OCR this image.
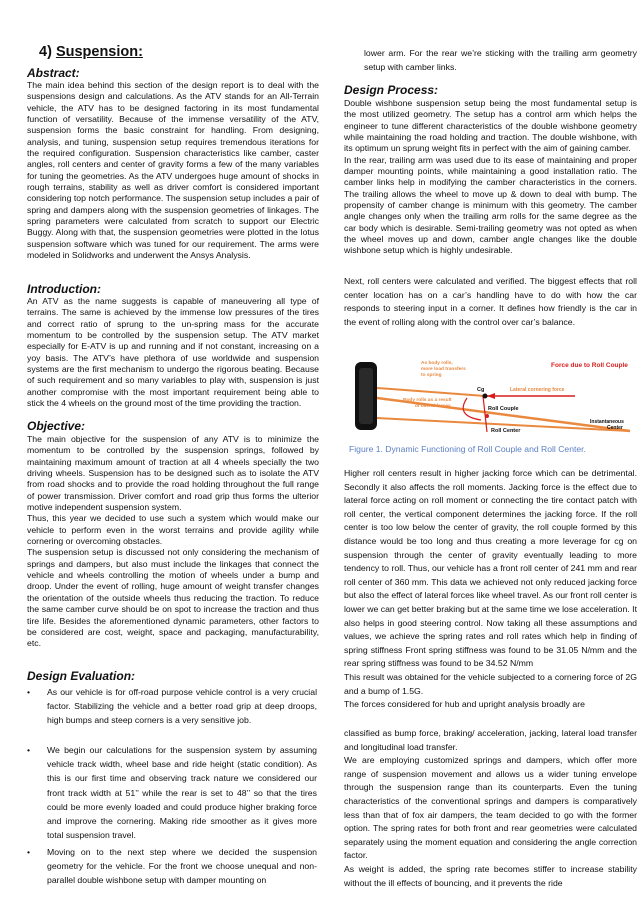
4) Suspension:
Abstract:

The main idea behind this section of the design report is to deal with the suspensions design and calculations. As the ATV stands for an All-Terrain vehicle, the ATV has to be designed factoring in its most fundamental function of versatility. Because of the immense versatility of the ATV, suspension forms the basic constraint for handling. From designing, analysis, and tuning, suspension setup requires tremendous iterations for the required configuration. Suspension characteristics like camber, caster angles, roll centers and center of gravity forms a few of the many variables for tuning the geometries. As the ATV undergoes huge amount of shocks in rough terrains, stability as well as driver comfort is considered important considering top notch performance. The suspension setup includes a pair of spring and dampers along with the suspension geometries of linkages. The spring parameters were calculated from scratch to support our Electric Buggy. Along with that, the suspension geometries were plotted in the lotus suspension software which was tuned for our requirement. The arms were modeled in Solidworks and underwent the Ansys Analysis.

Introduction:

An ATV as the name suggests is capable of maneuvering all type of terrains. The same is achieved by the immense low pressures of the tires and correct ratio of sprung to the un-spring mass for the accurate momentum to be controlled by the suspension setup. The ATV market especially for E-ATV is up and running and if not constant, increasing on a yoy basis. The ATV’s have plethora of use worldwide and suspension systems are the first mechanism to undergo the rigorous beating. Because of such requirement and so many variables to play with, suspension is just another compromise with the most important requirement being able to stick the 4 wheels on the ground most of the time providing the traction.

Objective:

The main objective for the suspension of any ATV is to minimize the momentum to be controlled by the suspension springs, followed by maintaining maximum amount of traction at all 4 wheels specially the two driving wheels. Suspension has to be designed such as to isolate the ATV from road shocks and to provide the road holding throughout the full range of power transmission. Driver comfort and road grip thus forms the ulterior motive independent suspension system.
Thus, this year we decided to use such a system which would make our vehicle to perform even in the worst terrains and provide agility while cornering or overcoming obstacles.
The suspension setup is discussed not only considering the mechanism of springs and dampers, but also must include the linkages that connect the vehicle and wheels controlling the motion of wheels under a bump and droop. Under the event of rolling, huge amount of weight transfer changes the orientation of the outside wheels thus reducing the traction. To reduce the same camber curve should be on spot to increase the traction and thus tire life. Besides the aforementioned dynamic parameters, other factors to be considered are cost, weight, space and packaging, manufacturability, etc.

Design Evaluation:
• As our vehicle is for off-road purpose vehicle control is a very crucial factor. Stabilizing the vehicle and a better road grip at deep droops, high bumps and steep corners is a very sensitive job.
• We begin our calculations for the suspension system by assuming vehicle track width, wheel base and ride height (static condition). As this is our first time and observing track nature we considered our front track width at 51’’ while the rear is set to 48’’ so that the tires could be more evenly loaded and could produce higher braking force and improve the cornering. Making ride smoother as it gives more total suspension travel.
• Moving on to the next step where we decided the suspension geometry for the vehicle. For the front we choose unequal and non-parallel double wishbone setup with damper mounting on

lower arm. For the rear we’re sticking with the trailing arm geometry setup with camber links.

Design Process:

Double wishbone suspension setup being the most fundamental setup is the most utilized geometry. The setup has a control arm which helps the engineer to tune different characteristics of the double wishbone geometry while maintaining the road holding and traction. The double wishbone, with its optimum un sprung weight fits in perfect with the aim of gaining camber.
In the rear, trailing arm was used due to its ease of maintaining and proper damper mounting points, while maintaining a good installation ratio. The camber links help in modifying the camber characteristics in the corners. The trailing allows the wheel to move up & down to deal with bump. The propensity of camber change is minimum with this geometry. The camber angle changes only when the trailing arm rolls for the same degree as the car body which is desirable. Semi-trailing geometry was not opted as when the wheel moves up and down, camber angle changes like the double wishbone setup which is highly undesirable.

Next, roll centers were calculated and verified. The biggest effects that roll center location has on a car’s handling have to do with how the car responds to steering input in a corner. It defines how friendly is the car in the event of rolling along with the control over car’s balance.

Higher roll centers result in higher jacking force which can be detrimental. Secondly it also affects the roll moments. Jacking force is the effect due to lateral force acting on roll moment or connecting the tire contact patch with roll center, the vertical component determines the jacking force. If the roll center is too low below the center of gravity, the roll couple formed by this distance would be too long and thus creating a more leverage for cg on suspension through the center of gravity eventually leading to more tendency to roll. Thus, our vehicle has a front roll center of 241 mm and rear roll center of 360 mm. This data we achieved not only reduced jacking force but also the effect of lateral forces like wheel travel. As our front roll center is lower we can get better braking but at the same time we lose acceleration. It also helps in good steering control. Now taking all these assumptions and values, we achieve the spring rates and roll rates which help in finding of spring stiffness Front spring stiffness was found to be 31.05 N/mm and the rear spring stiffness was found to be 34.52 N/mm
This result was obtained for the vehicle subjected to a cornering force of 2G and a bump of 1.5G.
The forces considered for hub and upright analysis broadly are

classified as bump force, braking/ acceleration, jacking, lateral load transfer and longitudinal load transfer.
We are employing customized springs and dampers, which offer more range of suspension movement and allows us a wider tuning envelope through the suspension range than its counterparts. Even the tuning characteristics of the conventional springs and dampers is comparatively less than that of fox air dampers, the team decided to go with the former option. The spring rates for both front and rear geometries were calculated separately using the moment equation and considering the angle correction factor.
As weight is added, the spring rate becomes stiffer to increase stability without the ill effects of bouncing, and it prevents the ride

Force due to Roll Couple
As body rolls, more load transfers to spring
Cg	Lateral cornering force
Body rolls as a result of lateral forces	Roll Couple
Roll Center
Instantaneous Center
Figure 1. Dynamic Functioning of Roll Couple and Roll Center.
